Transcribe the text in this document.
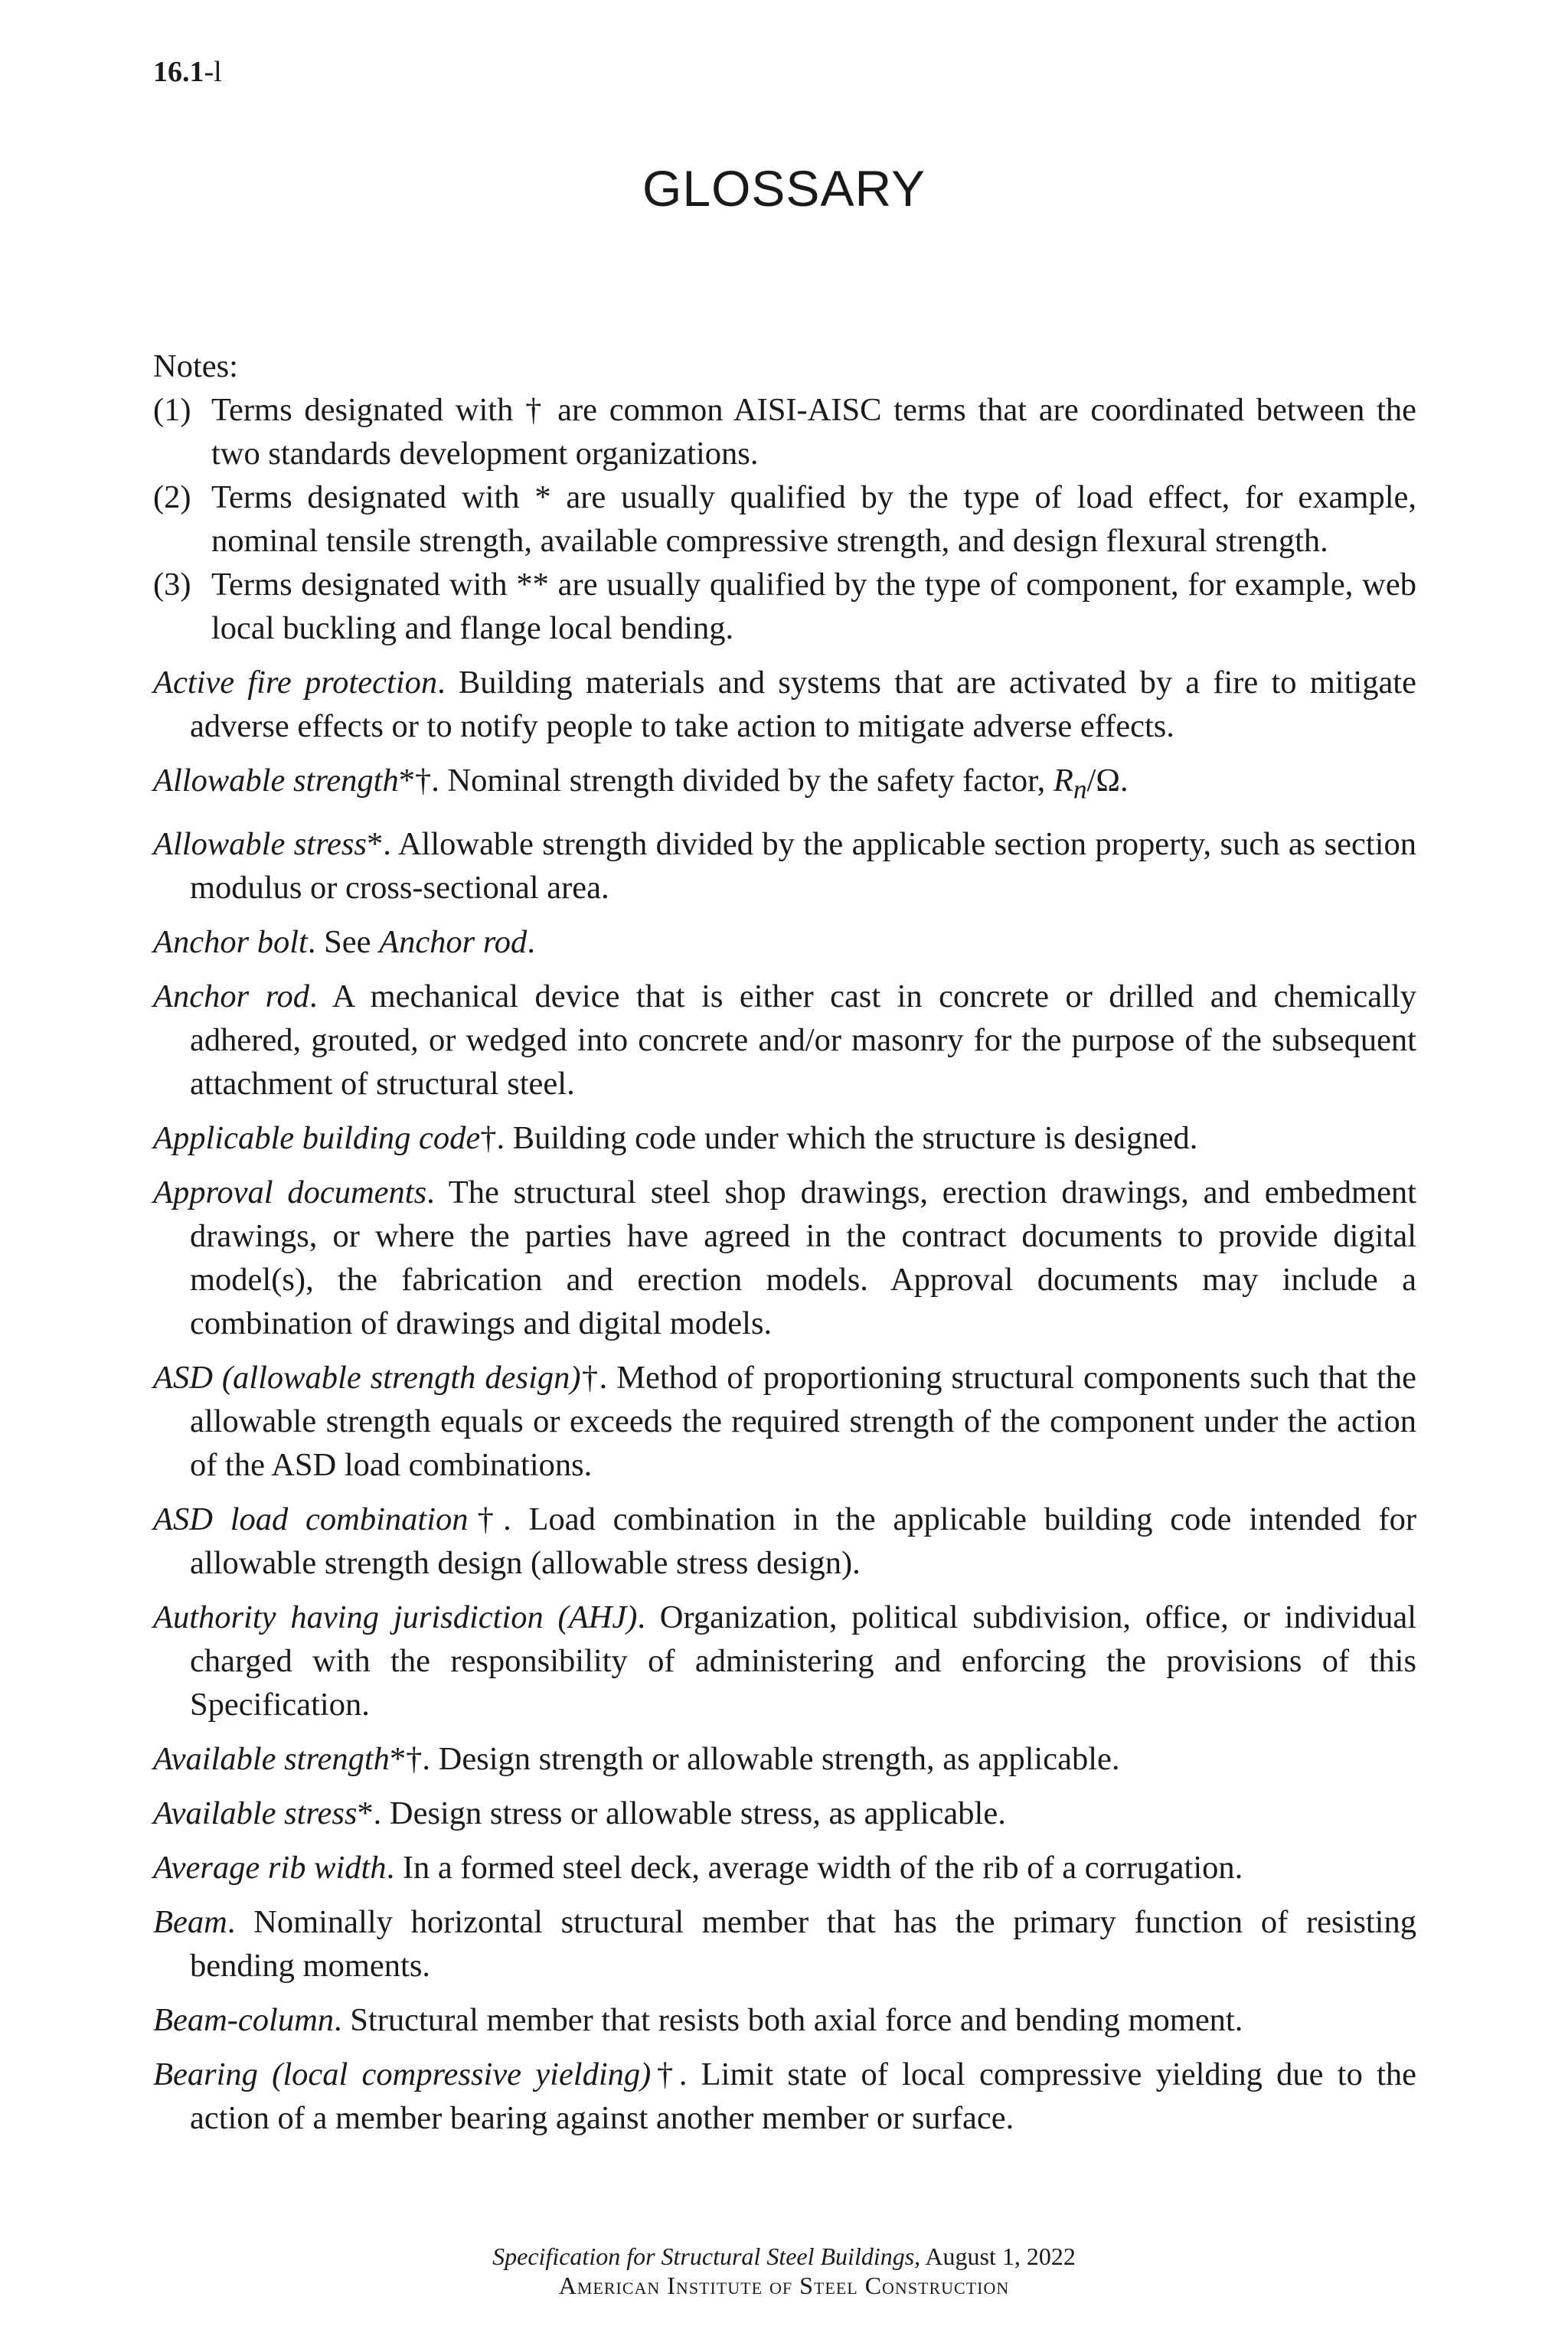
16.1-l
GLOSSARY

Notes:

(1) Terms designated with † are common AISI-AISC terms that are coordinated between the two standards development organizations.

(2) Terms designated with * are usually qualified by the type of load effect, for example, nominal tensile strength, available compressive strength, and design flexural strength.

(3) Terms designated with ** are usually qualified by the type of component, for example, web local buckling and flange local bending.

Active fire protection. Building materials and systems that are activated by a fire to mitigate adverse effects or to notify people to take action to mitigate adverse effects.

Allowable strength*†. Nominal strength divided by the safety factor, $R_n/\Omega$.

Allowable stress*. Allowable strength divided by the applicable section property, such as section modulus or cross-sectional area.

Anchor bolt. See Anchor rod.

Anchor rod. A mechanical device that is either cast in concrete or drilled and chemically adhered, grouted, or wedged into concrete and/or masonry for the purpose of the subsequent attachment of structural steel.

Applicable building code†. Building code under which the structure is designed.

Approval documents. The structural steel shop drawings, erection drawings, and embedment drawings, or where the parties have agreed in the contract documents to provide digital model(s), the fabrication and erection models. Approval documents may include a combination of drawings and digital models.

ASD (allowable strength design)†. Method of proportioning structural components such that the allowable strength equals or exceeds the required strength of the component under the action of the ASD load combinations.

ASD load combination†. Load combination in the applicable building code intended for allowable strength design (allowable stress design).

Authority having jurisdiction (AHJ). Organization, political subdivision, office, or individual charged with the responsibility of administering and enforcing the provisions of this Specification.

Available strength*†. Design strength or allowable strength, as applicable.

Available stress*. Design stress or allowable stress, as applicable.

Average rib width. In a formed steel deck, average width of the rib of a corrugation.

Beam. Nominally horizontal structural member that has the primary function of resisting bending moments.

Beam-column. Structural member that resists both axial force and bending moment.

Bearing (local compressive yielding)†. Limit state of local compressive yielding due to the action of a member bearing against another member or surface.

Specification for Structural Steel Buildings, August 1, 2022
American Institute of Steel Construction
